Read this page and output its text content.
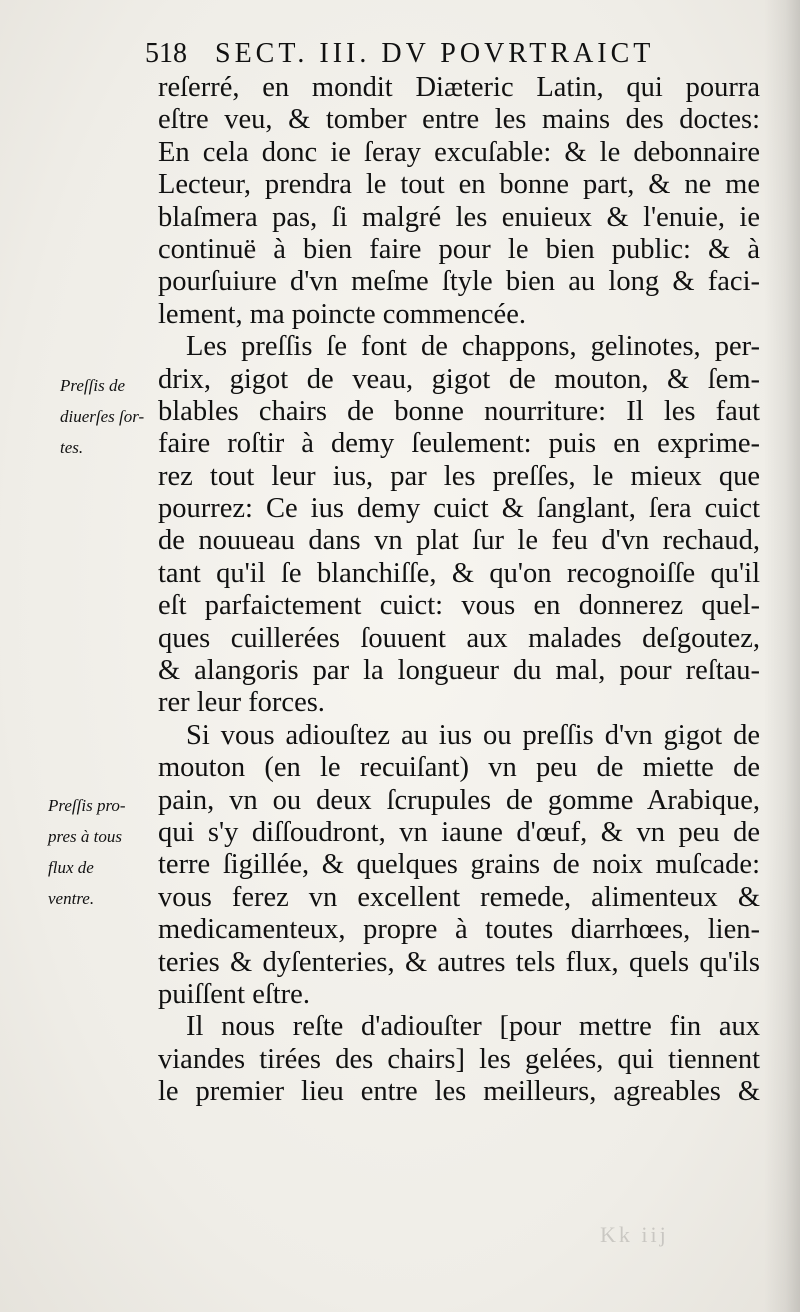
518 SECT. III. DV POVRTRAICT
reſerré, en mondit Diæteric Latin, qui pourra
eſtre veu, & tomber entre les mains des doctes:
En cela donc ie ſeray excuſable: & le debonnaire
Lecteur, prendra le tout en bonne part, & ne me
blaſmera pas, ſi malgré les enuieux & l'enuie, ie
continuë à bien faire pour le bien public: & à
pourſuiure d'vn meſme ſtyle bien au long & faci-
lement, ma poincte commencée.
Les preſſis ſe font de chappons, gelinotes, per-
drix, gigot de veau, gigot de mouton, & ſem-
blables chairs de bonne nourriture: Il les faut
faire roſtir à demy ſeulement: puis en exprime-
rez tout leur ius, par les preſſes, le mieux que
pourrez: Ce ius demy cuict & ſanglant, ſera cuict
de nouueau dans vn plat ſur le feu d'vn rechaud,
tant qu'il ſe blanchiſſe, & qu'on recognoiſſe qu'il
eſt parfaictement cuict: vous en donnerez quel-
ques cuillerées ſouuent aux malades deſgoutez,
& alangoris par la longueur du mal, pour reſtau-
rer leur forces.
Si vous adiouſtez au ius ou preſſis d'vn gigot de
mouton (en le recuiſant) vn peu de miette de
pain, vn ou deux ſcrupules de gomme Arabique,
qui s'y diſſoudront, vn iaune d'œuf, & vn peu de
terre ſigillée, & quelques grains de noix muſcade:
vous ferez vn excellent remede, alimenteux &
medicamenteux, propre à toutes diarrhœes, lien-
teries & dyſenteries, & autres tels flux, quels qu'ils
puiſſent eſtre.
Il nous reſte d'adiouſter [pour mettre fin aux
viandes tirées des chairs] les gelées, qui tiennent
le premier lieu entre les meilleurs, agreables &
Preſſis de
diuerſes ſor-
tes.
Preſſis pro-
pres à tous
flux de
ventre.
Kk iij
